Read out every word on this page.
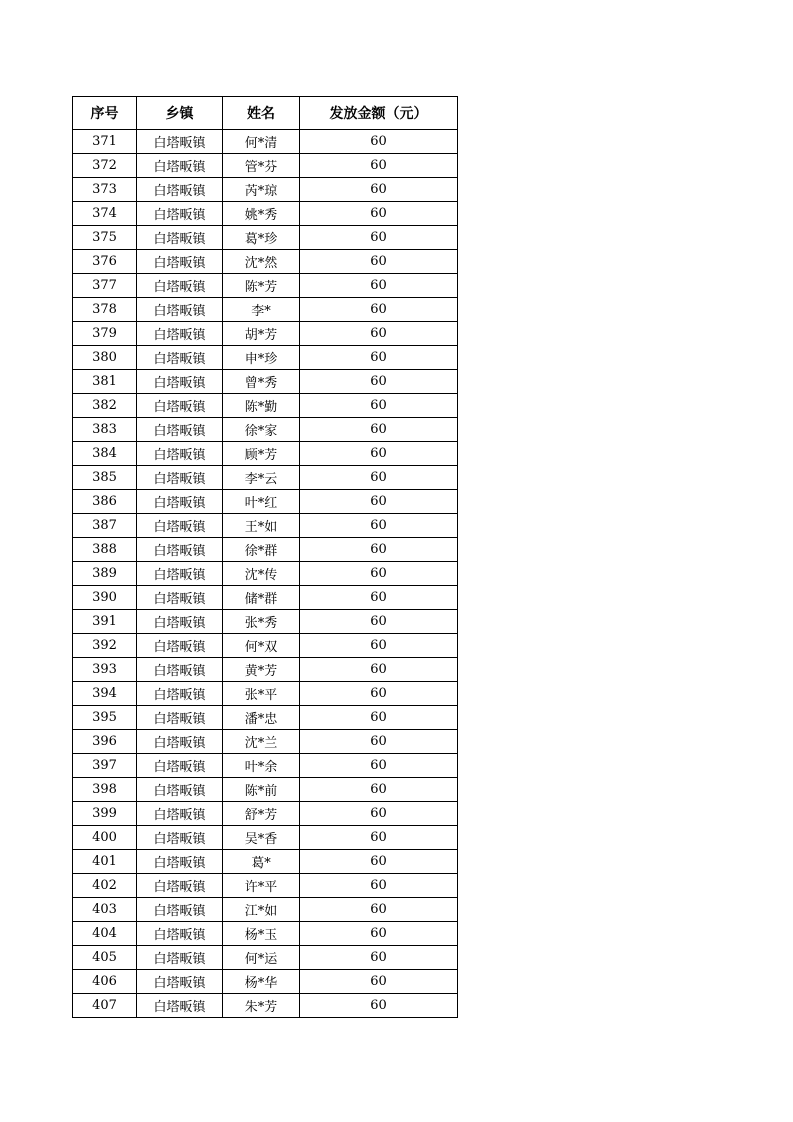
序号	乡镇	姓名	发放金额（元）
371	白塔畈镇	何*清	60
372	白塔畈镇	管*芬	60
373	白塔畈镇	芮*琼	60
374	白塔畈镇	姚*秀	60
375	白塔畈镇	葛*珍	60
376	白塔畈镇	沈*然	60
377	白塔畈镇	陈*芳	60
378	白塔畈镇	李*	60
379	白塔畈镇	胡*芳	60
380	白塔畈镇	申*珍	60
381	白塔畈镇	曾*秀	60
382	白塔畈镇	陈*勤	60
383	白塔畈镇	徐*家	60
384	白塔畈镇	顾*芳	60
385	白塔畈镇	李*云	60
386	白塔畈镇	叶*红	60
387	白塔畈镇	王*如	60
388	白塔畈镇	徐*群	60
389	白塔畈镇	沈*传	60
390	白塔畈镇	储*群	60
391	白塔畈镇	张*秀	60
392	白塔畈镇	何*双	60
393	白塔畈镇	黄*芳	60
394	白塔畈镇	张*平	60
395	白塔畈镇	潘*忠	60
396	白塔畈镇	沈*兰	60
397	白塔畈镇	叶*余	60
398	白塔畈镇	陈*前	60
399	白塔畈镇	舒*芳	60
400	白塔畈镇	吴*香	60
401	白塔畈镇	葛*	60
402	白塔畈镇	许*平	60
403	白塔畈镇	江*如	60
404	白塔畈镇	杨*玉	60
405	白塔畈镇	何*运	60
406	白塔畈镇	杨*华	60
407	白塔畈镇	朱*芳	60
